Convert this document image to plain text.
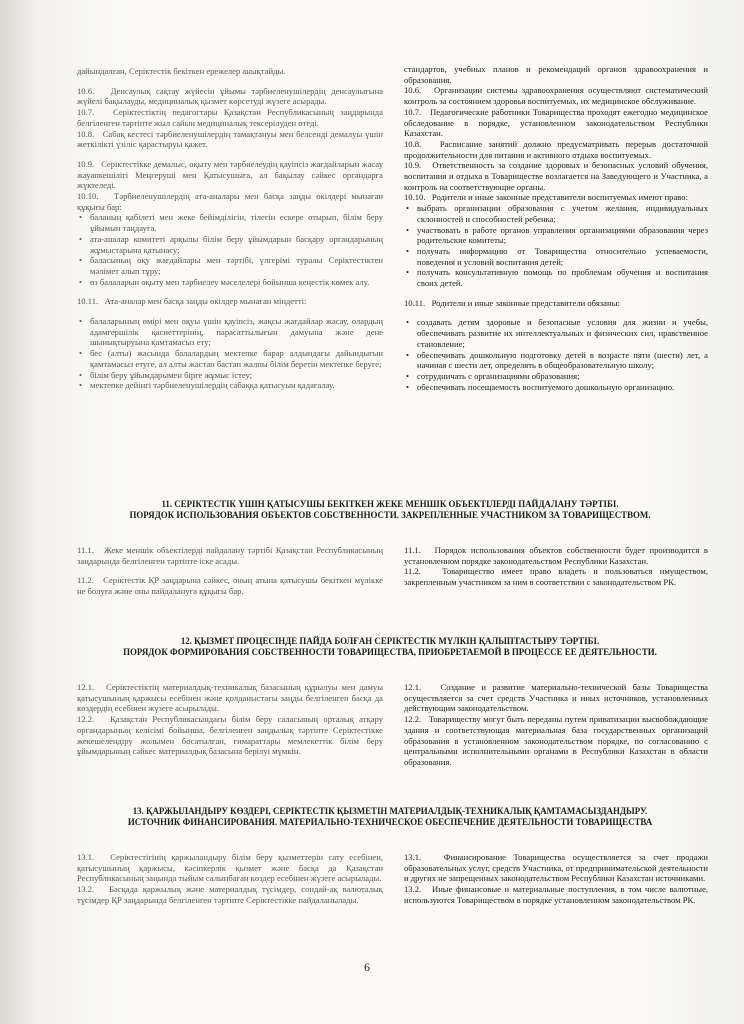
дайындалған, Серіктестік бекіткен ережелер анықтайды.

10.6.   Денсаулық сақтау жүйесін ұйымы тәрбиеленушілердің денсаулығына жүйелі бақылауды, медициналық қызмет көрсетуді жүзеге асырады.

10.7.   Серіктестіктің педагогтары Қазақстан Республикасының заңдарында белгіленген тәртіпте жыл сайын медициналық тексерілуден өтеді.

10.8.   Сабақ кестесі тәрбиеленушілердің тамақтануы мен белсенді демалуы үшін жеткілікті үзіліс қарастыруы қажет.

10.9.   Серіктестікке демалыс, оқыту мен тәрбиелеудің қауіпсіз жағдайларын жасау жауапкешілігі Меңгеруші мен Қатысушыға, ал бақылау сәйкес органдарға жүктеледі.

10.10.   Тәрбиеленушілердің ата-аналары мен басқа заңды өкілдері мынаған құқығы бар:

• баланың қабілеті мен жеке бейімділігін, тілегін ескере отырып, білім беру ұйымын таңдауға.
• ата-аналар комитеті арқылы білім беру ұйымдарын басқару органдарының жұмыстарына қатынасу;
• баласының оқу жағдайлары мен тәртібі, үлгерімі туралы Серіктестіктен мәлімет алып тұру;
• өз балаларын оқыту мен тәрбиелеу мәселелері бойынша кеңестік көмек алу.

10.11.   Ата-аналар мен басқа заңды өкілдер мынаған міндетті:

• балаларының өмірі мен оқуы үшін қауіпсіз, жақсы жағдайлар жасау, олардың адамгершілік қасиеттерінің, парасаттылығын дамуына және дене шынықтыруына қамтамасыз ету;
• бес (алты) жасында балалардың мектепке барар алдындағы дайындығын қамтамасыз етуге, ал алты жастан бастап жалпы білім беретін мектепке беруге;
• білім беру ұйымдарымен бірге жұмыс істеу;
• мектепке дейінгі тәрбиеленушілердің сабаққа қатысуын қадағалау.

стандартов, учебных планов и рекомендаций органов здравоохранения и образования.

10.6.   Организации системы здравоохранения осуществляют систематический контроль за состоянием здоровья воспитуемых, их медицинское обслуживание.

10.7.   Педагогические работники Товарищества проходят ежегодно медицинское обследование в порядке, установленном законодательством Республики Казахстан.

10.8.   Расписание занятий должно предусматривать перерыв достаточной продолжительности для питания и активного отдыха воспитуемых.

10.9.   Ответственность за создание здоровых и безопасных условий обучения, воспитания и отдыха в Товариществе возлагается на Заведующего и Участника, а контроль на соответствующие органы.

10.10.   Родители и иные законные представители воспитуемых имеют право:

• выбрать организации образования с учетом желания, индивидуальных склонностей и способностей ребенка;
• участвовать в работе органов управления организациями образования через родительские комитеты;
• получать информацию от Товарищества относительно успеваемости, поведения и условий воспитания детей;
• получать консультативную помощь по проблемам обучения и воспитания своих детей.

10.11.   Родители и иные законные представители обязаны:

• создавать детям здоровые и безопасные условия для жизни и учебы, обеспечивать развитие их интеллектуальных и физических сил, нравственное становление;
• обеспечивать дошкольную подготовку детей в возрасте пяти (шести) лет, а начиная с шести лет, определять в общеобразовательную школу;
• сотрудничать с организациями образования;
• обеспечивать посещаемость воспитуемого дошкольную организацию.
11. СЕРІКТЕСТІК ҮШІН ҚАТЫСУШЫ БЕКІТКЕН ЖЕКЕ МЕНШІК ОБЪЕКТІЛЕРДІ ПАЙДАЛАНУ ТӘРТІБІ.
ПОРЯДОК ИСПОЛЬЗОВАНИЯ ОБЪЕКТОВ СОБСТВЕННОСТИ. ЗАКРЕПЛЕННЫЕ УЧАСТНИКОМ ЗА ТОВАРИЩЕСТВОМ.

11.1.   Жеке меншік объектілерді пайдалану тәртібі Қазақстан Республикасының заңдарында белгіленген тәртіпте іске асады.

11.2.   Серіктестік ҚР заңдарына сәйкес, оның атына қатысушы бекіткен мүлікке не болуға және оны пайдалануға құқығы бар.

11.1.   Порядок использования объектов собственности будет производится в установленном порядке законодательством Республики Казахстан.

11.2.   Товарищество имеет право владеть и пользоваться имуществом, закрепленным участником за ним в соответствии с законодательством РК.

12. ҚЫЗМЕТ ПРОЦЕСІНДЕ ПАЙДА БОЛҒАН СЕРІКТЕСТІК МҮЛКІН ҚАЛЫПТАСТЫРУ ТӘРТІБІ.
ПОРЯДОК ФОРМИРОВАНИЯ СОБСТВЕННОСТИ ТОВАРИЩЕСТВА, ПРИОБРЕТАЕМОЙ В ПРОЦЕССЕ ЕЕ ДЕЯТЕЛЬНОСТИ.

12.1.   Серіктестіктің материалдық-техникалық базасының құрылуы мен дамуы қатысушының қаржысы есебінен және қолданыстағы заңды белгіленген басқа да көздердің есебінен жүзеге асырылады.

12.2.   Қазақстан Республикасындағы білім беру саласының орталық атқару органдарының келісімі бойынша, белгіленген заңдылық тәртіпте Серіктестікке жекешелендіру жолымен босатылған, ғимараттары мемлекеттік білім беру ұйымдарының сәйкес материалдық базасына берілуі мүмкін.

12.1.   Создание и развитие материально-технической базы Товарищества осуществляется за счет средств Участника и иных источников, установленных действующим законодательством.

12.2.   Товариществу могут быть переданы путем приватизации высвобождающие здания и соответствующая материальная база государственных организаций образования в установленном законодательством порядке, по согласованию с центральными исполнительными органами в Республики Казахстан в области образования.

13. ҚАРЖЫЛАНДЫРУ КӨЗДЕРІ, СЕРІКТЕСТІК ҚЫЗМЕТІН МАТЕРИАЛДЫҚ-ТЕХНИКАЛЫҚ ҚАМТАМАСЫЗДАНДЫРУ.
ИСТОЧНИК ФИНАНСИРОВАНИЯ. МАТЕРИАЛЬНО-ТЕХНИЧЕСКОЕ ОБЕСПЕЧЕНИЕ ДЕЯТЕЛЬНОСТИ ТОВАРИЩЕСТВА

13.1.   Серіктестігінің қаржыландыру білім беру қызметтерін сату есебінен, қатысушының қаржысы, кәсіпкерлік қызмет және басқа да Қазақстан Республикасының заңында тыйым салынбаған көздер есебінен жүзеге асырылады.

13.2.   Басқада қаржылық және материалдық түсімдер, сондай-ақ валюталық түсімдер ҚР заңдарында белгіленген тәртіпте Серіктестікке пайдаланылады.

13.1.   Финансирование Товарищества осуществляется за счет продажи образовательных услуг, средств Участника, от предпринимательской деятельности и других не запрещенных законодательством Республики Казахстан источниками.

13.2.   Иные финансовые и материальные поступления, в том числе валютные, используются Товариществом в порядке установленном законодательством РК.

6
